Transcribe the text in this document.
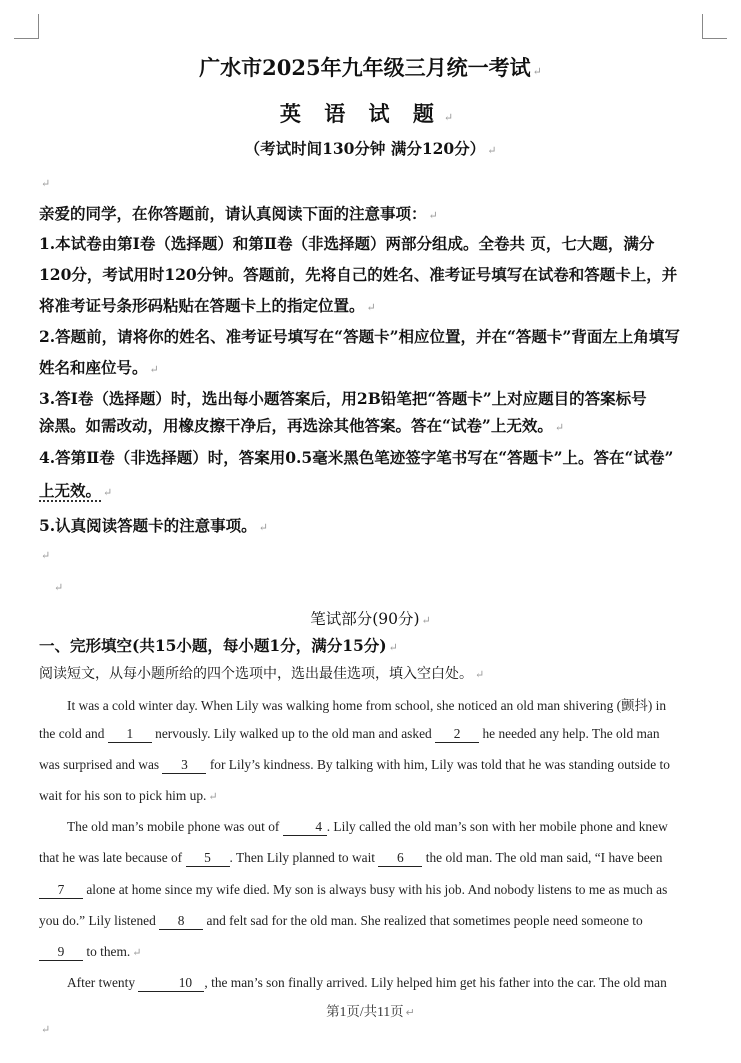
广水市2025年九年级三月统一考试 ↵

英 语 试 题 ↵

（考试时间130分钟 满分120分） ↵

↵

亲爱的同学，在你答题前，请认真阅读下面的注意事项： ↵

1.本试卷由第Ⅰ卷（选择题）和第Ⅱ卷（非选择题）两部分组成。全卷共 页，七大题，满分

120分，考试用时120分钟。答题前，先将自己的姓名、准考证号填写在试卷和答题卡上，并

将准考证号条形码粘贴在答题卡上的指定位置。 ↵

2.答题前，请将你的姓名、准考证号填写在“答题卡”相应位置，并在“答题卡”背面左上角填写

姓名和座位号。 ↵

3.答Ⅰ卷（选择题）时，选出每小题答案后，用2B铅笔把“答题卡”上对应题目的答案标号

涂黑。如需改动，用橡皮擦干净后，再选涂其他答案。答在“试卷”上无效。 ↵

4.答第Ⅱ卷（非选择题）时，答案用0.5毫米黑色笔迹签字笔书写在“答题卡”上。答在“试卷”

上无效。 ↵

5.认真阅读答题卡的注意事项。 ↵

↵

↵

笔试部分(90分) ↵

一、完形填空(共15小题，每小题1分，满分15分) ↵

阅读短文，从每小题所给的四个选项中，选出最佳选项，填入空白处。 ↵

It was a cold winter day. When Lily was walking home from school, she noticed an old man shivering (颤抖) in

the cold and 1 nervously. Lily walked up to the old man and asked 2 he needed any help. The old man

was surprised and was 3 for Lily’s kindness. By talking with him, Lily was told that he was standing outside to

wait for his son to pick him up. ↵

The old man’s mobile phone was out of	4 . Lily called the old man’s son with her mobile phone and knew

that he was late because of 5 . Then Lily planned to wait 6 the old man. The old man said, “I have been

7 alone at home since my wife died. My son is always busy with his job. And nobody listens to me as much as

you do.” Lily listened 8 and felt sad for the old man. She realized that sometimes people need someone to

9 to them. ↵

After twenty	10 , the man’s son finally arrived. Lily helped him get his father into the car. The old man

第1页/共11页 ↵

↵
